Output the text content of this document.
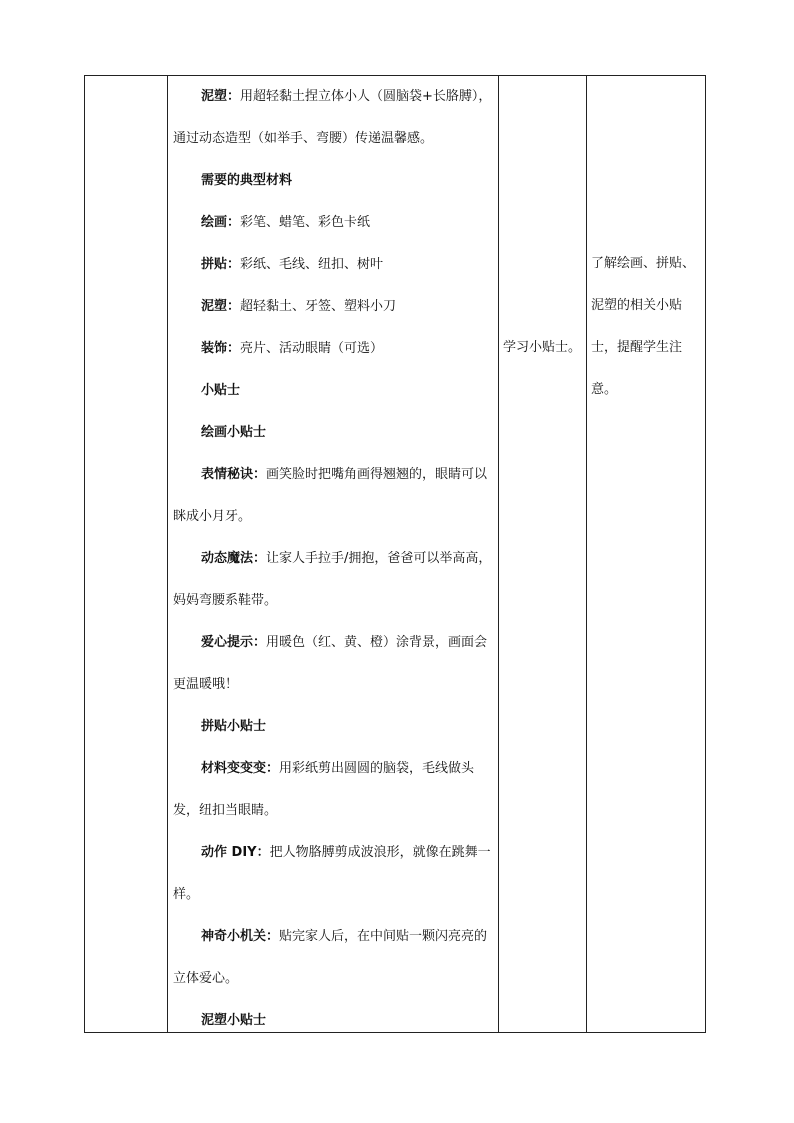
泥塑：用超轻黏土捏立体小人（圆脑袋+长胳膊），通过动态造型（如举手、弯腰）传递温馨感。

需要的典型材料

绘画：彩笔、蜡笔、彩色卡纸

拼贴：彩纸、毛线、纽扣、树叶

泥塑：超轻黏土、牙签、塑料小刀

装饰：亮片、活动眼睛（可选）

小贴士

绘画小贴士

表情秘诀：画笑脸时把嘴角画得翘翘的，眼睛可以眯成小月牙。

动态魔法：让家人手拉手/拥抱，爸爸可以举高高，妈妈弯腰系鞋带。

爱心提示：用暖色（红、黄、橙）涂背景，画面会更温暖哦！

拼贴小贴士

材料变变变：用彩纸剪出圆圆的脑袋，毛线做头发，纽扣当眼睛。

动作 DIY：把人物胳膊剪成波浪形，就像在跳舞一样。

神奇小机关：贴完家人后，在中间贴一颗闪亮亮的立体爱心。

泥塑小贴士

学习小贴士。
了解绘画、拼贴、
泥塑的相关小贴
士，提醒学生注
意。
